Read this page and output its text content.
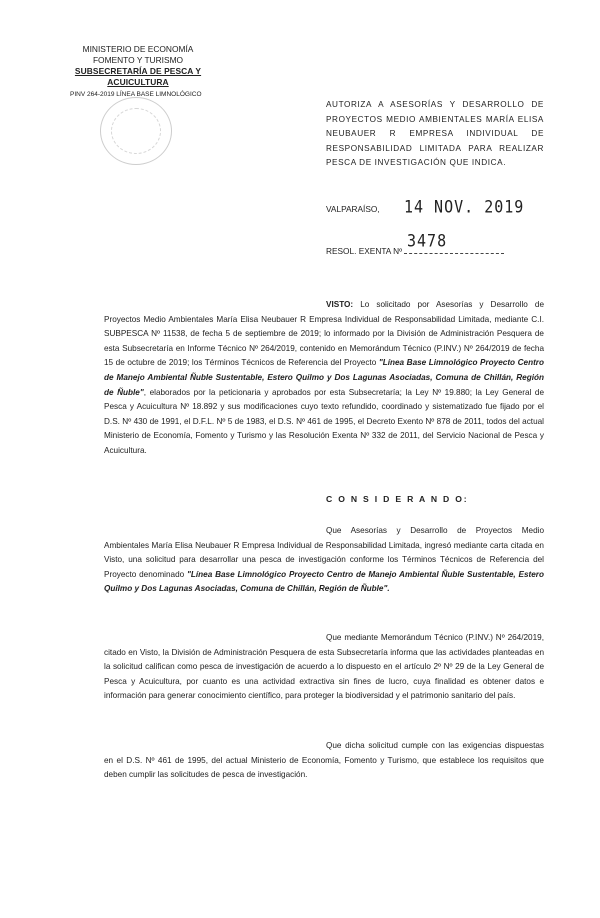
MINISTERIO DE ECONOMÍA
FOMENTO Y TURISMO
SUBSECRETARÍA DE PESCA Y ACUICULTURA
PINV 264-2019 LÍNEA BASE LIMNOLÓGICO
AUTORIZA A ASESORÍAS Y DESARROLLO DE PROYECTOS MEDIO AMBIENTALES MARÍA ELISA NEUBAUER R EMPRESA INDIVIDUAL DE RESPONSABILIDAD LIMITADA PARA REALIZAR PESCA DE INVESTIGACIÓN QUE INDICA.
VALPARAÍSO, 14 NOV. 2019
3478
RESOL. EXENTA Nº
VISTO: Lo solicitado por Asesorías y Desarrollo de Proyectos Medio Ambientales María Elisa Neubauer R Empresa Individual de Responsabilidad Limitada, mediante C.I. SUBPESCA Nº 11538, de fecha 5 de septiembre de 2019; lo informado por la División de Administración Pesquera de esta Subsecretaría en Informe Técnico Nº 264/2019, contenido en Memorándum Técnico (P.INV.) Nº 264/2019 de fecha 15 de octubre de 2019; los Términos Técnicos de Referencia del Proyecto "Línea Base Limnológico Proyecto Centro de Manejo Ambiental Ñuble Sustentable, Estero Quilmo y Dos Lagunas Asociadas, Comuna de Chillán, Región de Ñuble", elaborados por la peticionaria y aprobados por esta Subsecretaría; la Ley Nº 19.880; la Ley General de Pesca y Acuicultura Nº 18.892 y sus modificaciones cuyo texto refundido, coordinado y sistematizado fue fijado por el D.S. Nº 430 de 1991, el D.F.L. Nº 5 de 1983, el D.S. Nº 461 de 1995, el Decreto Exento Nº 878 de 2011, todos del actual Ministerio de Economía, Fomento y Turismo y las Resolución Exenta Nº 332 de 2011, del Servicio Nacional de Pesca y Acuicultura.
C O N S I D E R A N D O:
Que Asesorías y Desarrollo de Proyectos Medio Ambientales María Elisa Neubauer R Empresa Individual de Responsabilidad Limitada, ingresó mediante carta citada en Visto, una solicitud para desarrollar una pesca de investigación conforme los Términos Técnicos de Referencia del Proyecto denominado "Línea Base Limnológico Proyecto Centro de Manejo Ambiental Ñuble Sustentable, Estero Quilmo y Dos Lagunas Asociadas, Comuna de Chillán, Región de Ñuble".
Que mediante Memorándum Técnico (P.INV.) Nº 264/2019, citado en Visto, la División de Administración Pesquera de esta Subsecretaría informa que las actividades planteadas en la solicitud califican como pesca de investigación de acuerdo a lo dispuesto en el artículo 2º Nº 29 de la Ley General de Pesca y Acuicultura, por cuanto es una actividad extractiva sin fines de lucro, cuya finalidad es obtener datos e información para generar conocimiento científico, para proteger la biodiversidad y el patrimonio sanitario del país.
Que dicha solicitud cumple con las exigencias dispuestas en el D.S. Nº 461 de 1995, del actual Ministerio de Economía, Fomento y Turismo, que establece los requisitos que deben cumplir las solicitudes de pesca de investigación.
